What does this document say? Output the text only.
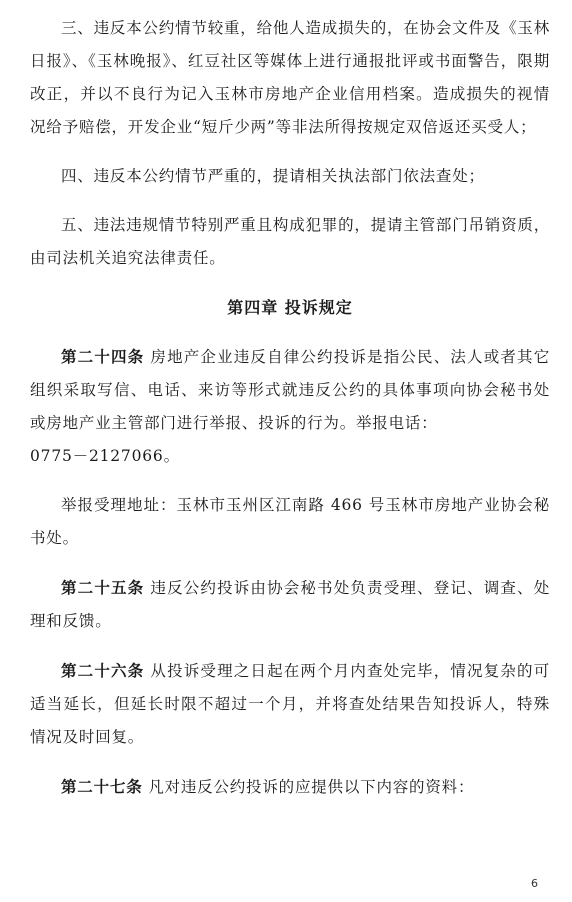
三、违反本公约情节较重，给他人造成损失的，在协会文件及《玉林日报》、《玉林晚报》、红豆社区等媒体上进行通报批评或书面警告，限期改正，并以不良行为记入玉林市房地产企业信用档案。造成损失的视情况给予赔偿，开发企业“短斤少两”等非法所得按规定双倍返还买受人；

四、违反本公约情节严重的，提请相关执法部门依法查处；

五、违法违规情节特别严重且构成犯罪的，提请主管部门吊销资质，由司法机关追究法律责任。

第四章 投诉规定

第二十四条 房地产企业违反自律公约投诉是指公民、法人或者其它组织采取写信、电话、来访等形式就违反公约的具体事项向协会秘书处或房地产业主管部门进行举报、投诉的行为。举报电话：

0775－2127066。

举报受理地址：玉林市玉州区江南路 466 号玉林市房地产业协会秘书处。

第二十五条 违反公约投诉由协会秘书处负责受理、登记、调查、处理和反馈。

第二十六条 从投诉受理之日起在两个月内查处完毕，情况复杂的可适当延长，但延长时限不超过一个月，并将查处结果告知投诉人，特殊情况及时回复。

第二十七条 凡对违反公约投诉的应提供以下内容的资料：

6
